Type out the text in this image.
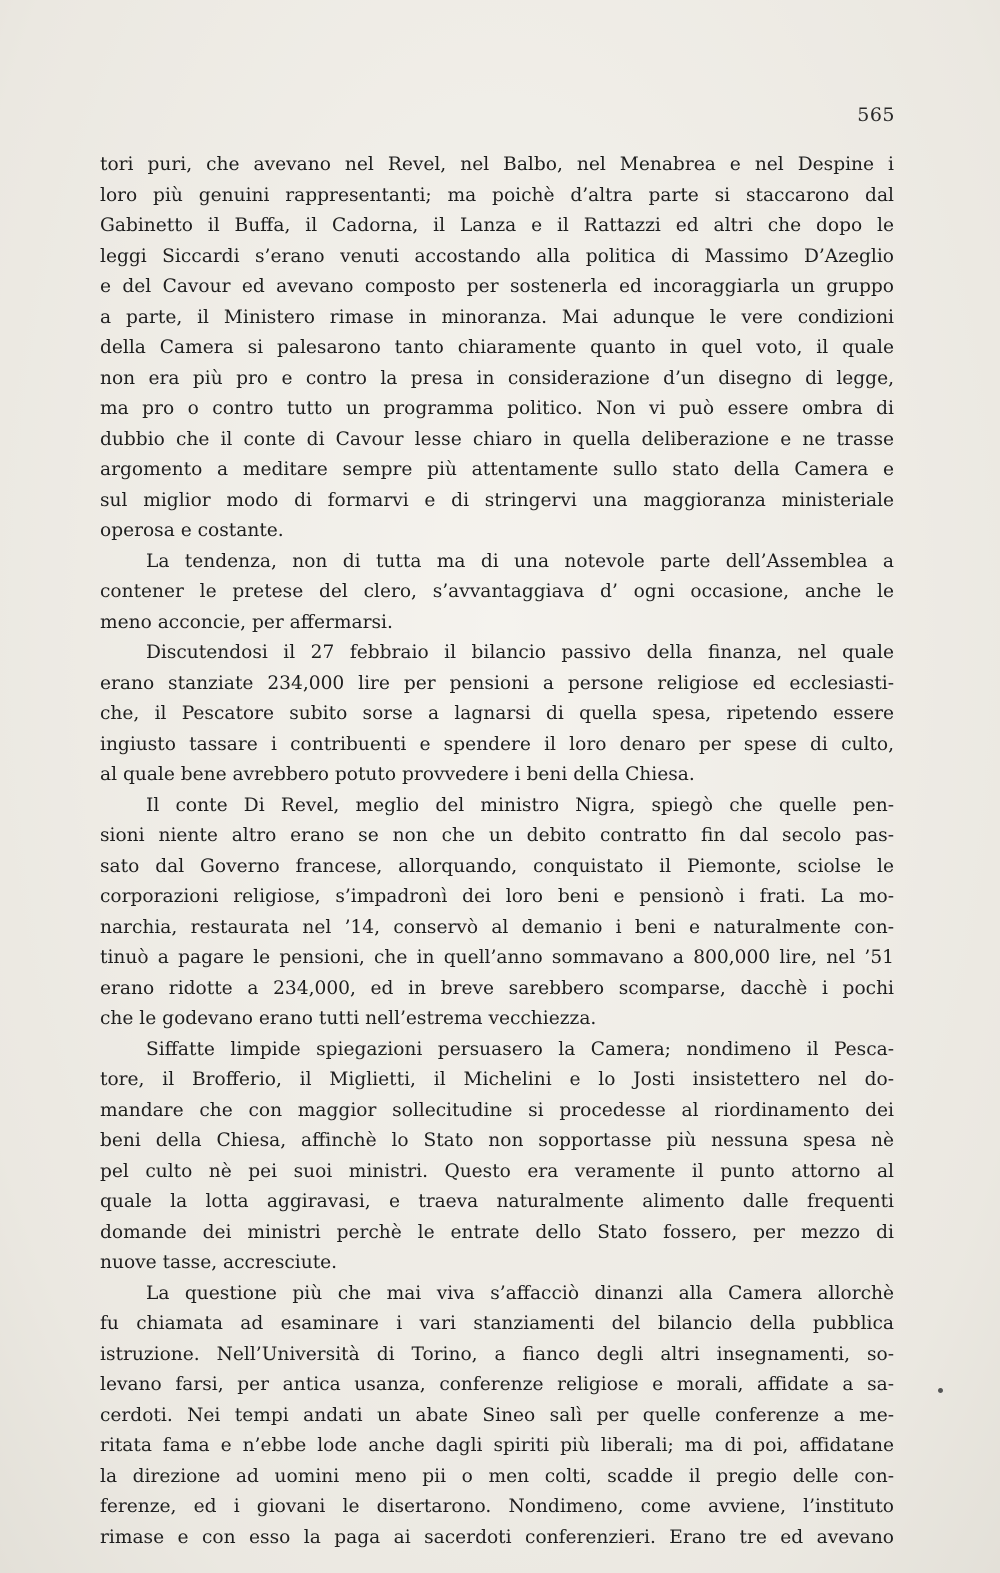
565
tori puri, che avevano nel Revel, nel Balbo, nel Menabrea e nel Despine i
loro più genuini rappresentanti; ma poichè d’altra parte si staccarono dal
Gabinetto il Buffa, il Cadorna, il Lanza e il Rattazzi ed altri che dopo le
leggi Siccardi s’erano venuti accostando alla politica di Massimo D’Azeglio
e del Cavour ed avevano composto per sostenerla ed incoraggiarla un gruppo
a parte, il Ministero rimase in minoranza. Mai adunque le vere condizioni
della Camera si palesarono tanto chiaramente quanto in quel voto, il quale
non era più pro e contro la presa in considerazione d’un disegno di legge,
ma pro o contro tutto un programma politico. Non vi può essere ombra di
dubbio che il conte di Cavour lesse chiaro in quella deliberazione e ne trasse
argomento a meditare sempre più attentamente sullo stato della Camera e
sul miglior modo di formarvi e di stringervi una maggioranza ministeriale
operosa e costante.
La tendenza, non di tutta ma di una notevole parte dell’Assemblea a
contener le pretese del clero, s’avvantaggiava d’ ogni occasione, anche le
meno acconcie, per affermarsi.
Discutendosi il 27 febbraio il bilancio passivo della finanza, nel quale
erano stanziate 234,000 lire per pensioni a persone religiose ed ecclesiasti-
che, il Pescatore subito sorse a lagnarsi di quella spesa, ripetendo essere
ingiusto tassare i contribuenti e spendere il loro denaro per spese di culto,
al quale bene avrebbero potuto provvedere i beni della Chiesa.
Il conte Di Revel, meglio del ministro Nigra, spiegò che quelle pen-
sioni niente altro erano se non che un debito contratto fin dal secolo pas-
sato dal Governo francese, allorquando, conquistato il Piemonte, sciolse le
corporazioni religiose, s’impadronì dei loro beni e pensionò i frati. La mo-
narchia, restaurata nel ’14, conservò al demanio i beni e naturalmente con-
tinuò a pagare le pensioni, che in quell’anno sommavano a 800,000 lire, nel ’51
erano ridotte a 234,000, ed in breve sarebbero scomparse, dacchè i pochi
che le godevano erano tutti nell’estrema vecchiezza.
Siffatte limpide spiegazioni persuasero la Camera; nondimeno il Pesca-
tore, il Brofferio, il Miglietti, il Michelini e lo Josti insistettero nel do-
mandare che con maggior sollecitudine si procedesse al riordinamento dei
beni della Chiesa, affinchè lo Stato non sopportasse più nessuna spesa nè
pel culto nè pei suoi ministri. Questo era veramente il punto attorno al
quale la lotta aggiravasi, e traeva naturalmente alimento dalle frequenti
domande dei ministri perchè le entrate dello Stato fossero, per mezzo di
nuove tasse, accresciute.
La questione più che mai viva s’affacciò dinanzi alla Camera allorchè
fu chiamata ad esaminare i vari stanziamenti del bilancio della pubblica
istruzione. Nell’Università di Torino, a fianco degli altri insegnamenti, so-
levano farsi, per antica usanza, conferenze religiose e morali, affidate a sa-
cerdoti. Nei tempi andati un abate Sineo salì per quelle conferenze a me-
ritata fama e n’ebbe lode anche dagli spiriti più liberali; ma di poi, affidatane
la direzione ad uomini meno pii o men colti, scadde il pregio delle con-
ferenze, ed i giovani le disertarono. Nondimeno, come avviene, l’instituto
rimase e con esso la paga ai sacerdoti conferenzieri. Erano tre ed avevano
